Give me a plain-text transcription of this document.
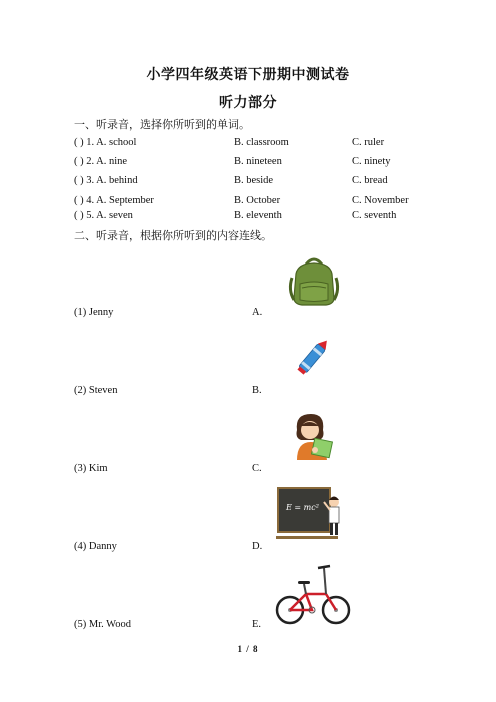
小学四年级英语下册期中测试卷
听力部分
一、听录音，选择你所听到的单词。
( ) 1. A. school	B. classroom	C. ruler
( ) 2. A. nine	B. nineteen	C. ninety
( ) 3. A. behind	B. beside	C. bread
( ) 4. A. September	B. October	C. November
( ) 5. A. seven	B. eleventh	C. seventh
二、听录音，根据你所听到的内容连线。
(1) Jenny	A.
(2) Steven	B.
(3) Kim	C.
(4) Danny	D.
(5) Mr. Wood	E.
E = mc²
1 / 8
